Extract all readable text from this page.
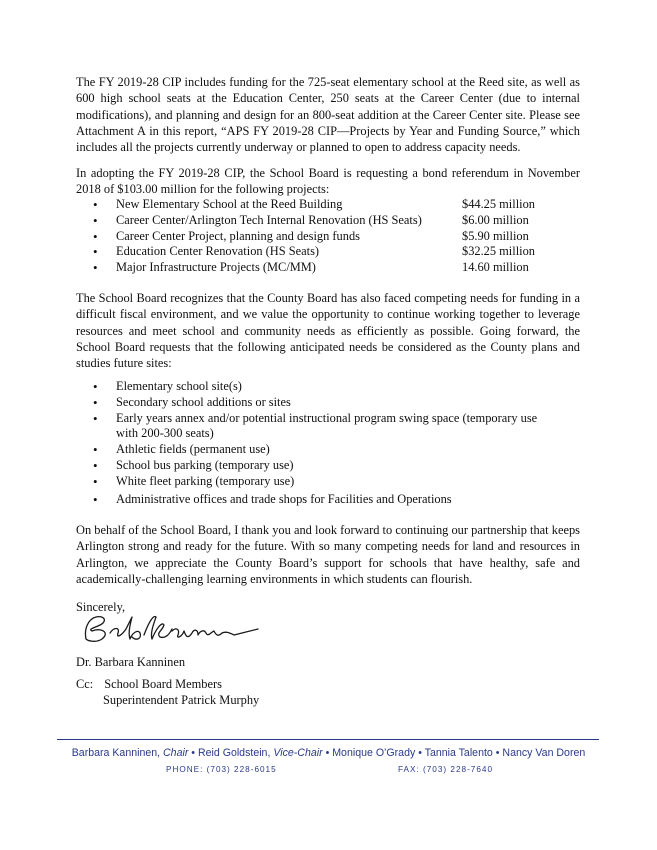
The FY 2019-28 CIP includes funding for the 725-seat elementary school at the Reed site, as well as 600 high school seats at the Education Center, 250 seats at the Career Center (due to internal modifications), and planning and design for an 800-seat addition at the Career Center site. Please see Attachment A in this report, “APS FY 2019-28 CIP—Projects by Year and Funding Source,” which includes all the projects currently underway or planned to open to address capacity needs.

In adopting the FY 2019-28 CIP, the School Board is requesting a bond referendum in November 2018 of $103.00 million for the following projects:

• New Elementary School at the Reed Building	$44.25 million
• Career Center/Arlington Tech Internal Renovation (HS Seats)	$6.00 million
• Career Center Project, planning and design funds	$5.90 million
• Education Center Renovation (HS Seats)	$32.25 million
• Major Infrastructure Projects (MC/MM)	14.60 million

The School Board recognizes that the County Board has also faced competing needs for funding in a difficult fiscal environment, and we value the opportunity to continue working together to leverage resources and meet school and community needs as efficiently as possible. Going forward, the School Board requests that the following anticipated needs be considered as the County plans and studies future sites:

• Elementary school site(s)
• Secondary school additions or sites
• Early years annex and/or potential instructional program swing space (temporary use with 200-300 seats)
• Athletic fields (permanent use)
• School bus parking (temporary use)
• White fleet parking (temporary use)
• Administrative offices and trade shops for Facilities and Operations

On behalf of the School Board, I thank you and look forward to continuing our partnership that keeps Arlington strong and ready for the future. With so many competing needs for land and resources in Arlington, we appreciate the County Board’s support for schools that have healthy, safe and academically-challenging learning environments in which students can flourish.

Sincerely,
Dr. Barbara Kanninen
Cc: School Board Members
Superintendent Patrick Murphy
Barbara Kanninen, Chair • Reid Goldstein, Vice-Chair • Monique O’Grady • Tannia Talento • Nancy Van Doren
PHONE: (703) 228-6015	FAX: (703) 228-7640
